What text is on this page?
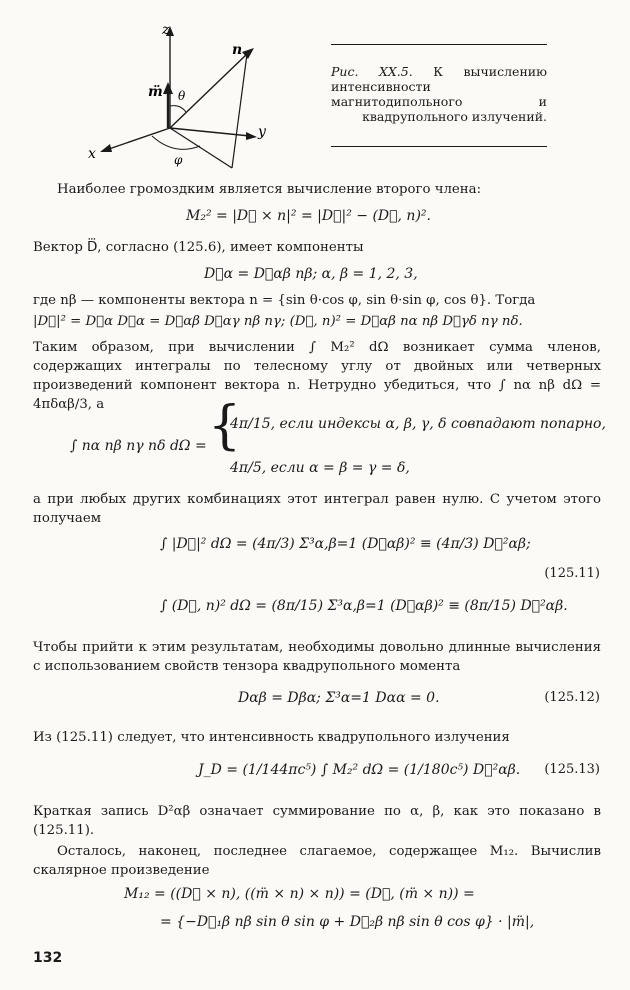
z
y
x
n
m̈ θ
φ
Рис. XX.5. К вычислению интенсивности магнитодипольного и квадрупольного излучений.
Наиболее громоздким является вычисление второго члена:
M₂² = |D⃛ × n|² = |D⃛|² − (D⃛, n)².
Вектор D⃛, согласно (125.6), имеет компоненты
D⃛α = D⃛αβ nβ; α, β = 1, 2, 3,
где nβ — компоненты вектора n = {sin θ·cos φ, sin θ·sin φ, cos θ}. Тогда
|D⃛|² = D⃛α D⃛α = D⃛αβ D⃛αγ nβ nγ; (D⃛, n)² = D⃛αβ nα nβ D⃛γδ nγ nδ.
Таким образом, при вычислении ∫ M₂² dΩ возникает сумма членов, содержащих интегралы по телесному углу от двойных или четверных произведений компонент вектора n. Нетрудно убедиться, что ∫ nα nβ dΩ = 4πδαβ/3, а
∫ nα nβ nγ nδ dΩ = {
4π/15, если индексы α, β, γ, δ совпадают попарно,
4π/5, если α = β = γ = δ,
а при любых других комбинациях этот интеграл равен нулю. С учетом этого получаем
∫ |D⃛|² dΩ = (4π/3) Σ³α,β=1 (D⃛αβ)² ≡ (4π/3) D⃛²αβ;
(125.11)
∫ (D⃛, n)² dΩ = (8π/15) Σ³α,β=1 (D⃛αβ)² ≡ (8π/15) D⃛²αβ.
Чтобы прийти к этим результатам, необходимы довольно длинные вычисления с использованием свойств тензора квадрупольного момента
Dαβ = Dβα; Σ³α=1 Dαα = 0.	(125.12)
Из (125.11) следует, что интенсивность квадрупольного излучения
J_D = (1/144πc⁵) ∫ M₂² dΩ = (1/180c⁵) D⃛²αβ. (125.13)
Краткая запись D²αβ означает суммирование по α, β, как это показано в (125.11).
Осталось, наконец, последнее слагаемое, содержащее M₁₂. Вычислив скалярное произведение
M₁₂ = ((D⃛ × n), ((m̈ × n) × n)) = (D⃛, (m̈ × n)) =
= {−D⃛₁β nβ sin θ sin φ + D⃛₂β nβ sin θ cos φ} · |m̈|,
132
